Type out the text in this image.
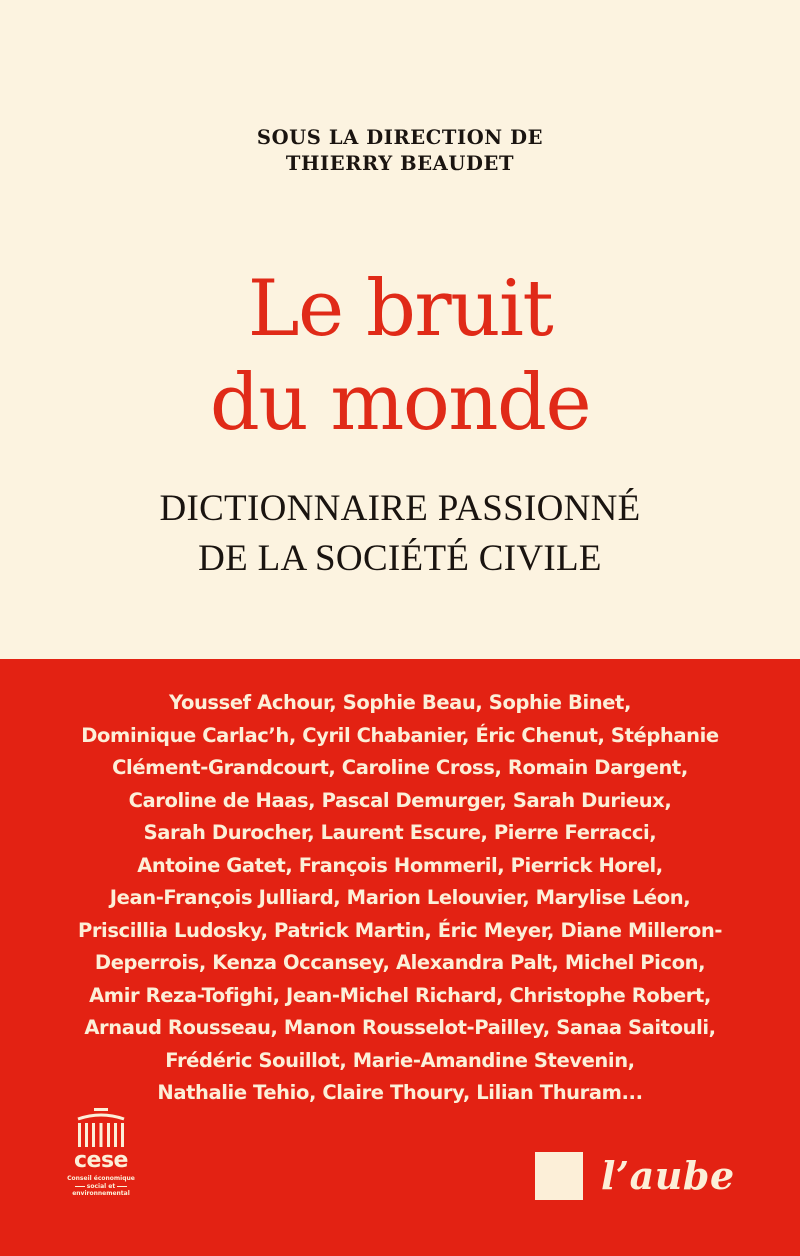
SOUS LA DIRECTION DE
THIERRY BEAUDET
Le bruit
du monde
DICTIONNAIRE PASSIONNÉ
DE LA SOCIÉTÉ CIVILE
Youssef Achour, Sophie Beau, Sophie Binet,
Dominique Carlac’h, Cyril Chabanier, Éric Chenut, Stéphanie
Clément-Grandcourt, Caroline Cross, Romain Dargent,
Caroline de Haas, Pascal Demurger, Sarah Durieux,
Sarah Durocher, Laurent Escure, Pierre Ferracci,
Antoine Gatet, François Hommeril, Pierrick Horel,
Jean-François Julliard, Marion Lelouvier, Marylise Léon,
Priscillia Ludosky, Patrick Martin, Éric Meyer, Diane Milleron-
Deperrois, Kenza Occansey, Alexandra Palt, Michel Picon,
Amir Reza-Tofighi, Jean-Michel Richard, Christophe Robert,
Arnaud Rousseau, Manon Rousselot-Pailley, Sanaa Saitouli,
Frédéric Souillot, Marie-Amandine Stevenin,
Nathalie Tehio, Claire Thoury, Lilian Thuram...
cese
Conseil économique
social et
environnemental	l’aube
